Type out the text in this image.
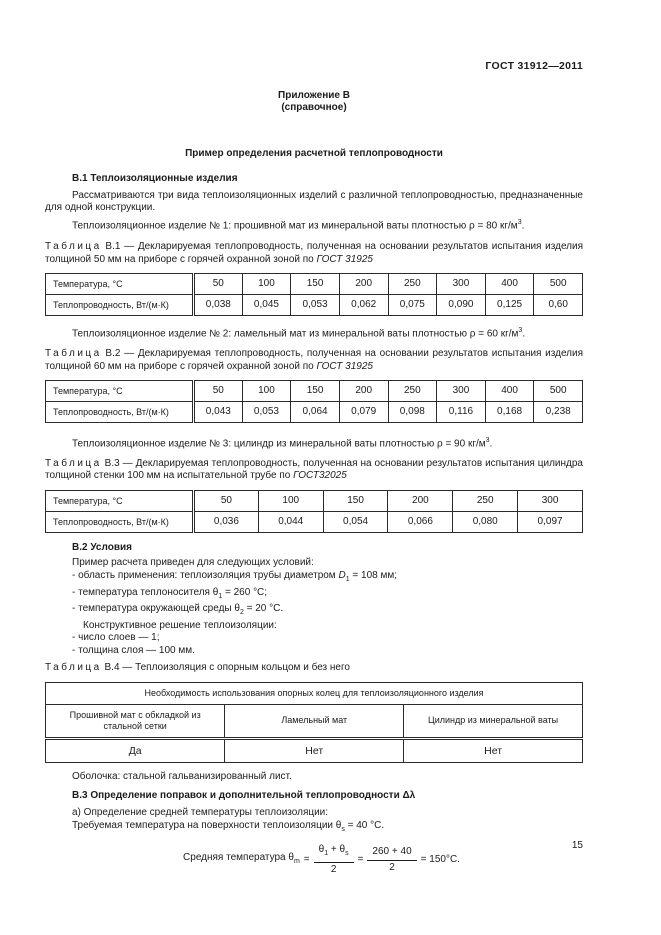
ГОСТ 31912—2011
Приложение В
(справочное)
Пример определения расчетной теплопроводности
В.1 Теплоизоляционные изделия

Рассматриваются три вида теплоизоляционных изделий с различной теплопроводностью, предназначенные для одной конструкции.

Теплоизоляционное изделие № 1: прошивной мат из минеральной ваты плотностью ρ = 80 $кг/м^3$.

Таблица В.1 — Декларируемая теплопроводность, полученная на основании результатов испытания изделия толщиной 50 мм на приборе с горячей охранной зоной по ГОСТ 31925

Температура, °С	50	100	150	200	250	300	400	500
Теплопроводность, Вт/(м·К)	0,038	0,045	0,053	0,062	0,075	0,090	0,125	0,60

Теплоизоляционное изделие № 2: ламельный мат из минеральной ваты плотностью ρ = 60 $кг/м^3$.

Таблица В.2 — Декларируемая теплопроводность, полученная на основании результатов испытания изделия толщиной 60 мм на приборе с горячей охранной зоной по ГОСТ 31925

Температура, °С	50	100	150	200	250	300	400	500
Теплопроводность, Вт/(м·К)	0,043	0,053	0,064	0,079	0,098	0,116	0,168	0,238

Теплоизоляционное изделие № 3: цилиндр из минеральной ваты плотностью ρ = 90 $кг/м^3$.

Таблица В.3 — Декларируемая теплопроводность, полученная на основании результатов испытания цилиндра толщиной стенки 100 мм на испытательной трубе по ГОСТ32025

Температура, °С	50	100	150	200	250	300
Теплопроводность, Вт/(м·К)	0,036	0,044	0,054	0,066	0,080	0,097
В.2 Условия
Пример расчета приведен для следующих условий:
- область применения: теплоизоляция трубы диаметром $D_1 = 108$ мм;
- температура теплоносителя $\theta_1 = 260$ °С;
- температура окружающей среды $\theta_2 = 20$ °С.
Конструктивное решение теплоизоляции:
- число слоев — 1;
- толщина слоя — 100 мм.

Таблица В.4 — Теплоизоляция с опорным кольцом и без него

Необходимость использования опорных колец для теплоизоляционного изделия		
Прошивной мат с обкладкой из стальной сетки	Ламельный мат	Цилиндр из минеральной ваты
Да	Нет	Нет
Оболочка: стальной гальванизированный лист.
В.3 Определение поправок и дополнительной теплопроводности Δλ
а) Определение средней температуры теплоизоляции:
Требуемая температура на поверхности теплоизоляции $\theta_s = 40$ °С.
Средняя температура $\theta_m = \frac{\theta_1 + \theta_s}{2} = \frac{260 + 40}{2} = 150^\circ С$.
15
